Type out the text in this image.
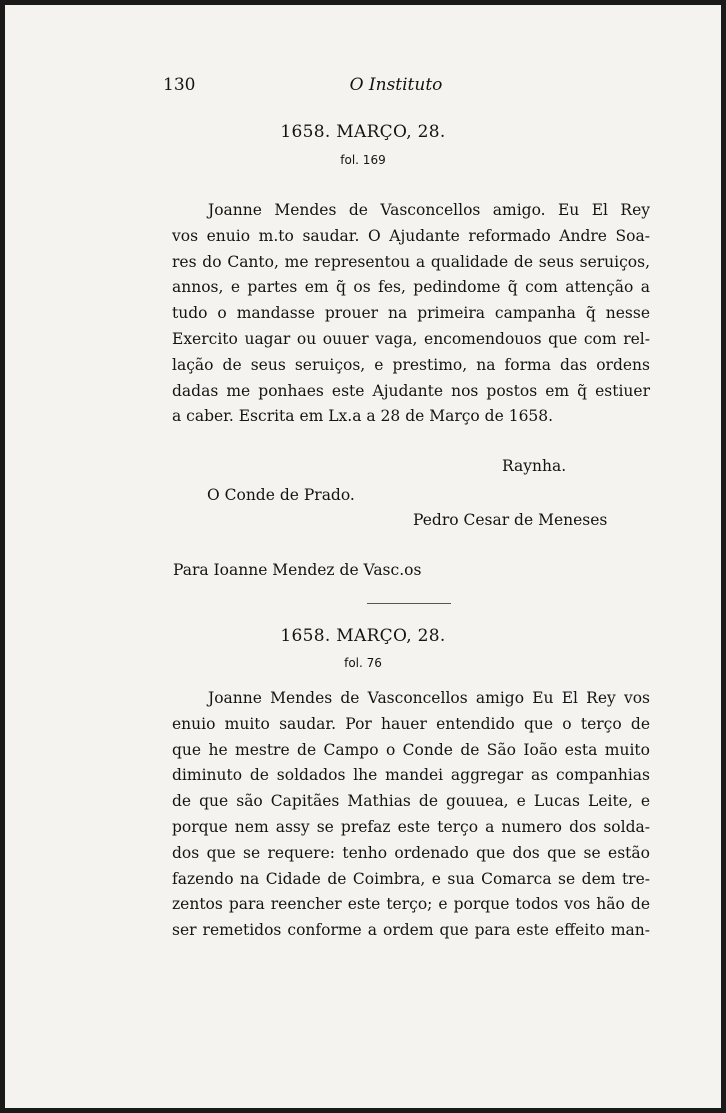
130	O Instituto
1658. MARÇO, 28.
fol. 169
Joanne Mendes de Vasconcellos amigo. Eu El Rey
vos enuio m.to saudar. O Ajudante reformado Andre Soa-
res do Canto, me representou a qualidade de seus seruiços,
annos, e partes em q̃ os fes, pedindome q̃ com attenção a
tudo o mandasse prouer na primeira campanha q̃ nesse
Exercito uagar ou ouuer vaga, encomendouos que com rel-
lação de seus seruiços, e prestimo, na forma das ordens
dadas me ponhaes este Ajudante nos postos em q̃ estiuer
a caber. Escrita em Lx.a a 28 de Março de 1658.
Raynha.
O Conde de Prado.
Pedro Cesar de Meneses
Para Ioanne Mendez de Vasc.os
1658. MARÇO, 28.
fol. 76
Joanne Mendes de Vasconcellos amigo Eu El Rey vos
enuio muito saudar. Por hauer entendido que o terço de
que he mestre de Campo o Conde de São Ioão esta muito
diminuto de soldados lhe mandei aggregar as companhias
de que são Capitães Mathias de gouuea, e Lucas Leite, e
porque nem assy se prefaz este terço a numero dos solda-
dos que se requere: tenho ordenado que dos que se estão
fazendo na Cidade de Coimbra, e sua Comarca se dem tre-
zentos para reencher este terço; e porque todos vos hão de
ser remetidos conforme a ordem que para este effeito man-
